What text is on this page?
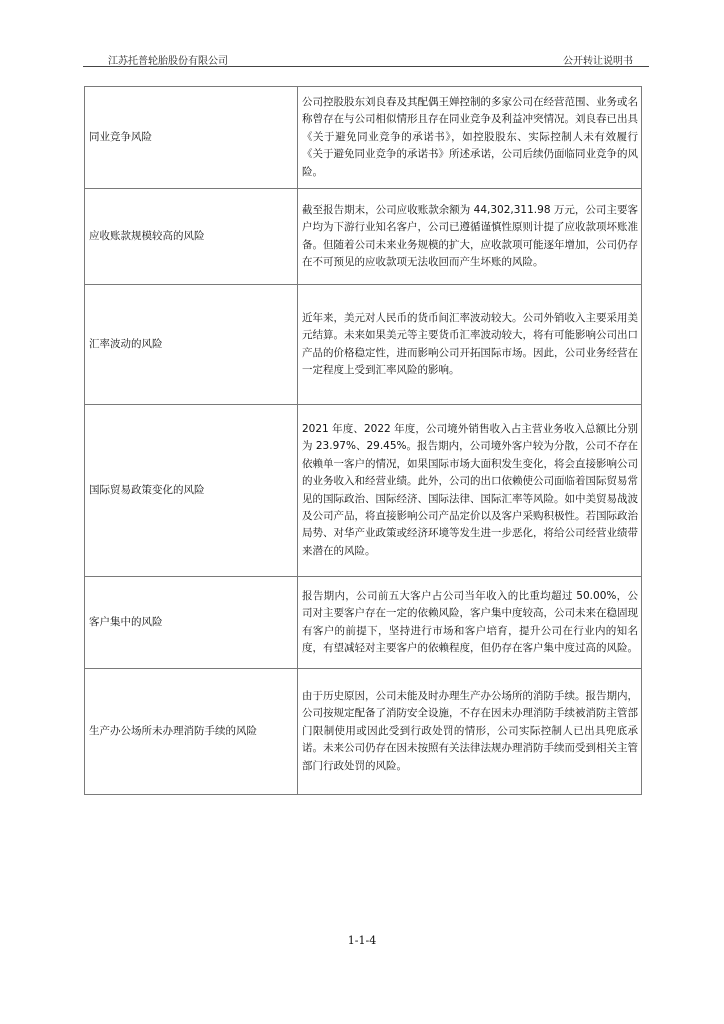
江苏托普轮胎股份有限公司	公开转让说明书
同业竞争风险	公司控股股东刘良春及其配偶王婵控制的多家公司在经营范围、业务或名称曾存在与公司相似情形且存在同业竞争及利益冲突情况。刘良春已出具《关于避免同业竞争的承诺书》，如控股股东、实际控制人未有效履行《关于避免同业竞争的承诺书》所述承诺，公司后续仍面临同业竞争的风险。
应收账款规模较高的风险	截至报告期末，公司应收账款余额为 44,302,311.98 万元，公司主要客户均为下游行业知名客户，公司已遵循谨慎性原则计提了应收款项坏账准备。但随着公司未来业务规模的扩大，应收款项可能逐年增加，公司仍存在不可预见的应收款项无法收回而产生坏账的风险。
汇率波动的风险	近年来，美元对人民币的货币间汇率波动较大。公司外销收入主要采用美元结算。未来如果美元等主要货币汇率波动较大，将有可能影响公司出口产品的价格稳定性，进而影响公司开拓国际市场。因此，公司业务经营在一定程度上受到汇率风险的影响。
国际贸易政策变化的风险	2021 年度、2022 年度，公司境外销售收入占主营业务收入总额比分别为 23.97%、29.45%。报告期内，公司境外客户较为分散，公司不存在依赖单一客户的情况，如果国际市场大面积发生变化，将会直接影响公司的业务收入和经营业绩。此外，公司的出口依赖使公司面临着国际贸易常见的国际政治、国际经济、国际法律、国际汇率等风险。如中美贸易战波及公司产品，将直接影响公司产品定价以及客户采购积极性。若国际政治局势、对华产业政策或经济环境等发生进一步恶化，将给公司经营业绩带来潜在的风险。
客户集中的风险	报告期内，公司前五大客户占公司当年收入的比重均超过 50.00%，公司对主要客户存在一定的依赖风险，客户集中度较高，公司未来在稳固现有客户的前提下，坚持进行市场和客户培育，提升公司在行业内的知名度，有望减轻对主要客户的依赖程度，但仍存在客户集中度过高的风险。
生产办公场所未办理消防手续的风险	由于历史原因，公司未能及时办理生产办公场所的消防手续。报告期内，公司按规定配备了消防安全设施，不存在因未办理消防手续被消防主管部门限制使用或因此受到行政处罚的情形，公司实际控制人已出具兜底承诺。未来公司仍存在因未按照有关法律法规办理消防手续而受到相关主管部门行政处罚的风险。
1-1-4
